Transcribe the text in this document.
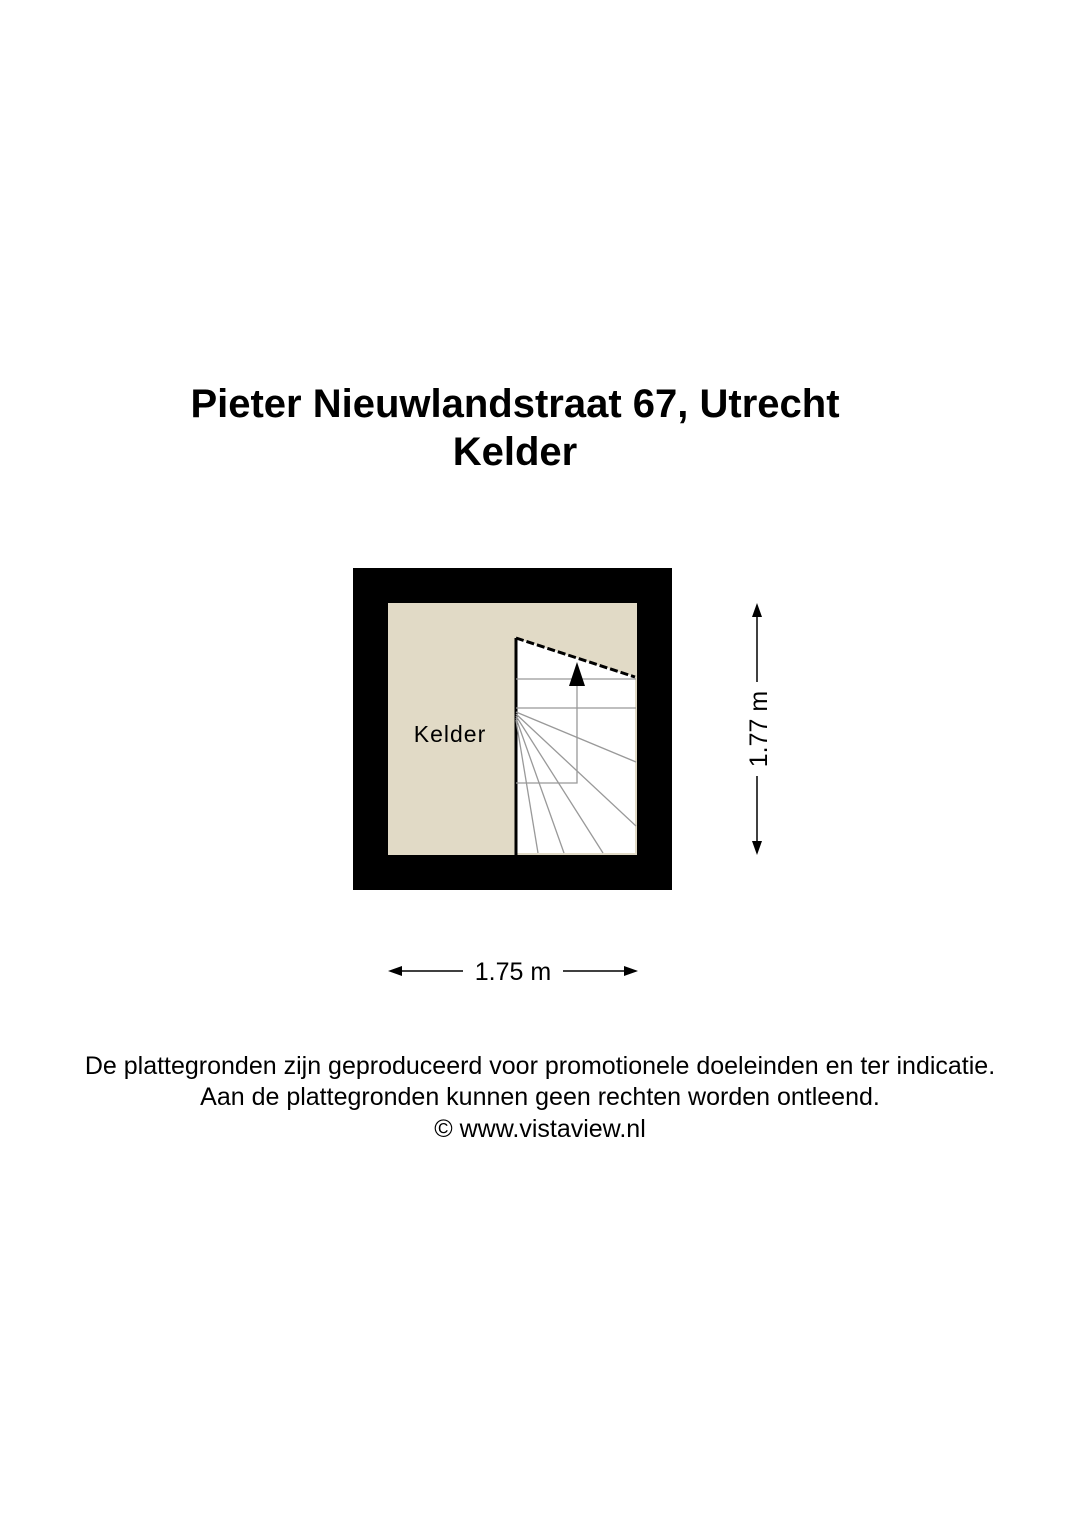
Pieter Nieuwlandstraat 67, Utrecht
Kelder
Kelder	1.77 m
1.75 m

De plattegronden zijn geproduceerd voor promotionele doeleinden en ter indicatie.

Aan de plattegronden kunnen geen rechten worden ontleend.

© www.vistaview.nl
